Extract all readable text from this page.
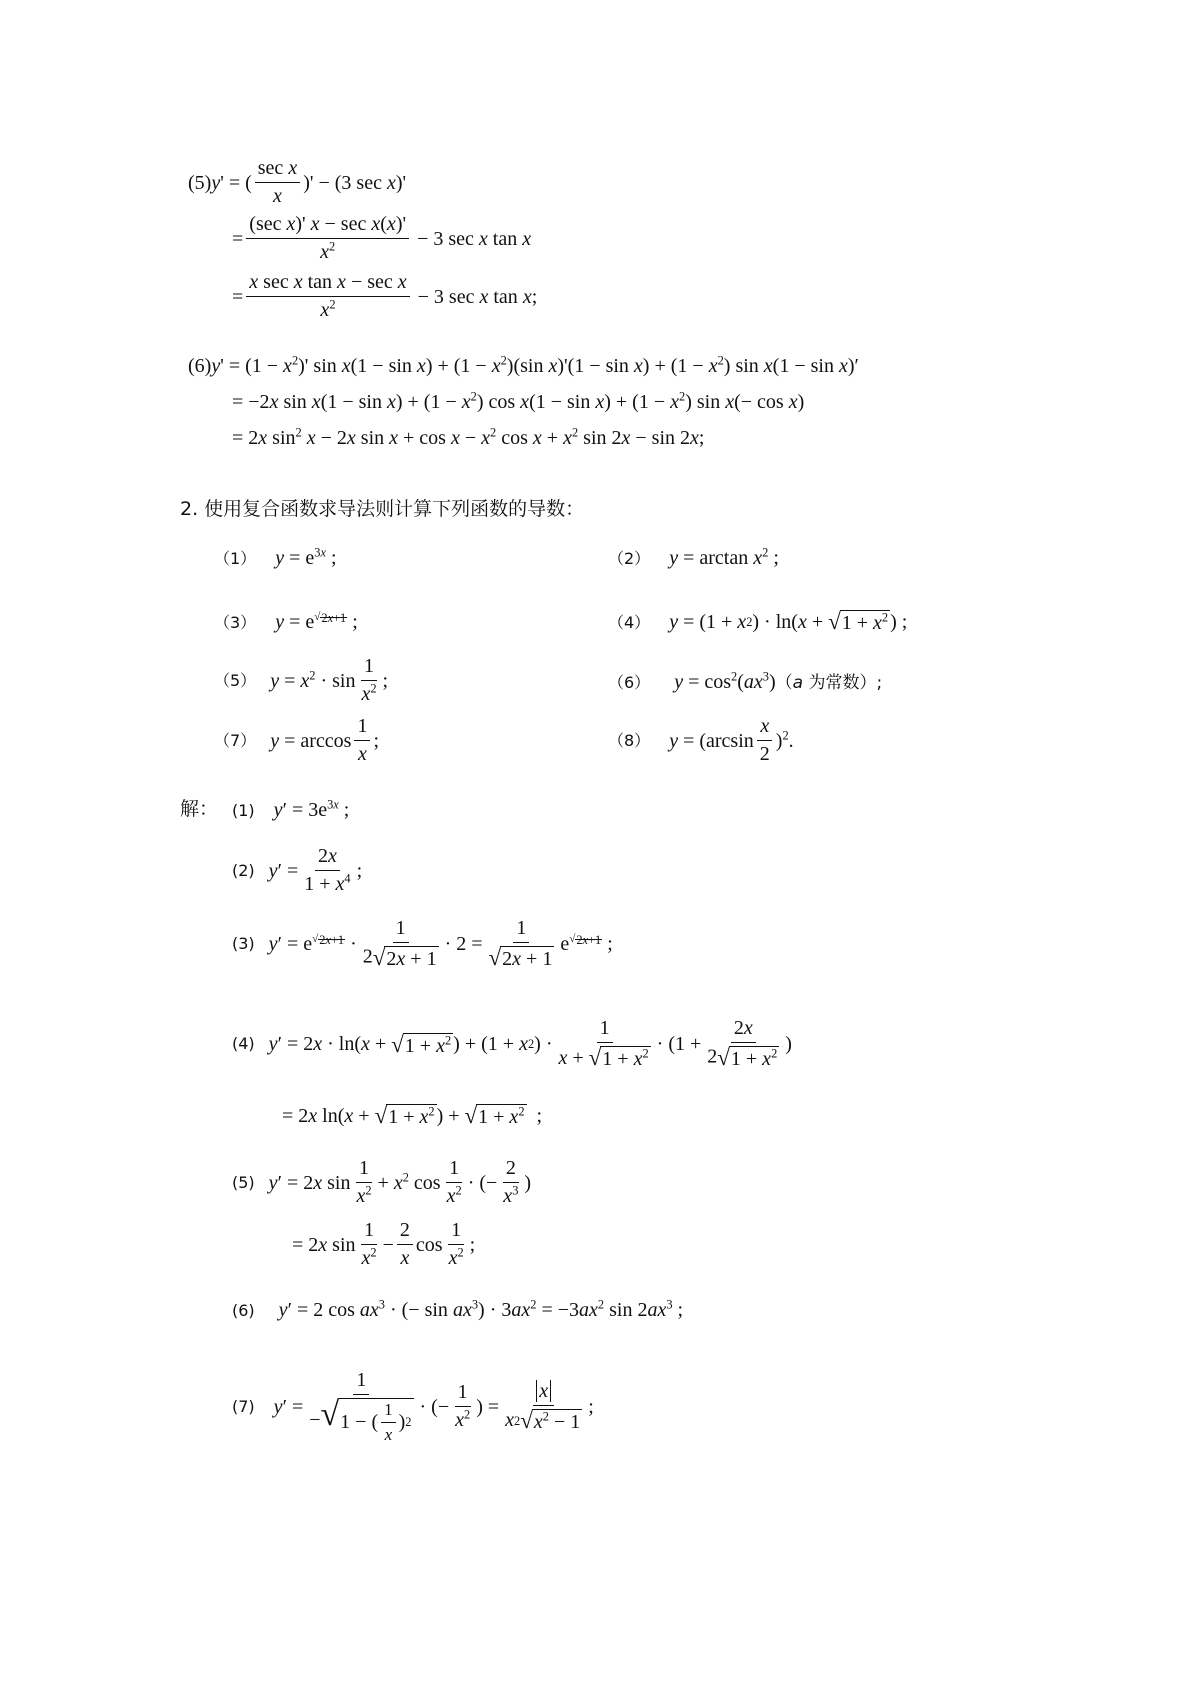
(5)y' = ( $\frac{\text{sec x}}{x}$ )' − (3 sec x)'
= $\frac{\text{(sec x)' x − sec x(x)'}}{x^2} - 3$ sec x tan x
= $\frac{\text{x sec x tan x − sec x}}{x^2} - 3$ sec x tan x;
$(6)y' = (1 - x^2)'$ $\sin x(1 - \sin x) + (1 - x^2)(\sin$ $x)'(1 - \sin x) + (1 - x^2)$ sin x(1 − sin x)′
= −2x $\sin x(1 - \sin x) + (1 - x^2)$ $\cos x(1 - \sin x) + (1 - x^2)$ sin x(− cos x)
= 2x $\sin^2 x - 2x$ $\sin x + \cos x - x^2$ $\cos x + x^2$ sin 2x − sin 2x;
2. 使用复合函数求导法则计算下列函数的导数：
（1） $y = e^{3x}$ ;	（2） $y = \arctan x^2$ ;
（3） y = e $^{√ 2x+1}$ ;	（4） y = (1 + x 2 ) · ln( x + √ $1 + x^2$ ) ;
（5） $y = x^2 \cdot \sin \frac{1}{x^2}$ ;	（6） $y = \cos^2(ax^3)(a$ 为常数）;
（7） $y = \arccos \frac{1}{x}$ ;	（8） $y = (\arcsin \frac{x}{2} )^2$.
解： (1) $y' = 3e^{3x}$ ;
(2) $y' = \frac{2x}{1 + x^4}$ ;
(3) y′ = e $^{√ 2x+1} \cdot \frac{1}{2 √ 2x + 1} \cdot 2 = \frac{1}{√ 2x + 1}$ e $^{√ 2x+1}$ ;
(4) y ′ = 2 x · ln( x + √ $1 + x^2$ ) + (1 + x 2 ) · $\frac{1}{x + √ 1 + x^2} \cdot (1 + \frac{2x}{2 √ 1 + x^2}$ )
= 2 x ln( x + √ $1 + x^2$ ) + √ $1 + x^2$ ;
(5) y′ = 2x $\sin \frac{1}{x^2} + x^2$ $\cos \frac{1}{x^2}$ · (− $\frac{2}{x^3}$ )
= 2x $\sin \frac{1}{x^2} - \frac{2}{x}$ $\cos \frac{1}{x^2}$ ;
(6) y′ = 2 $\cos ax^3$ · (− $\sin ax^3) \cdot 3ax^2 = -3ax^2$ $\sin 2ax^3$ ;
(7) $y' = \frac{1}{- √ 1 - ( \frac{1}{x} ) 2}$ · (− $\frac{1}{x^2}$ ) = $\frac{x}{x 2 √ x^2 - 1}$ ;
